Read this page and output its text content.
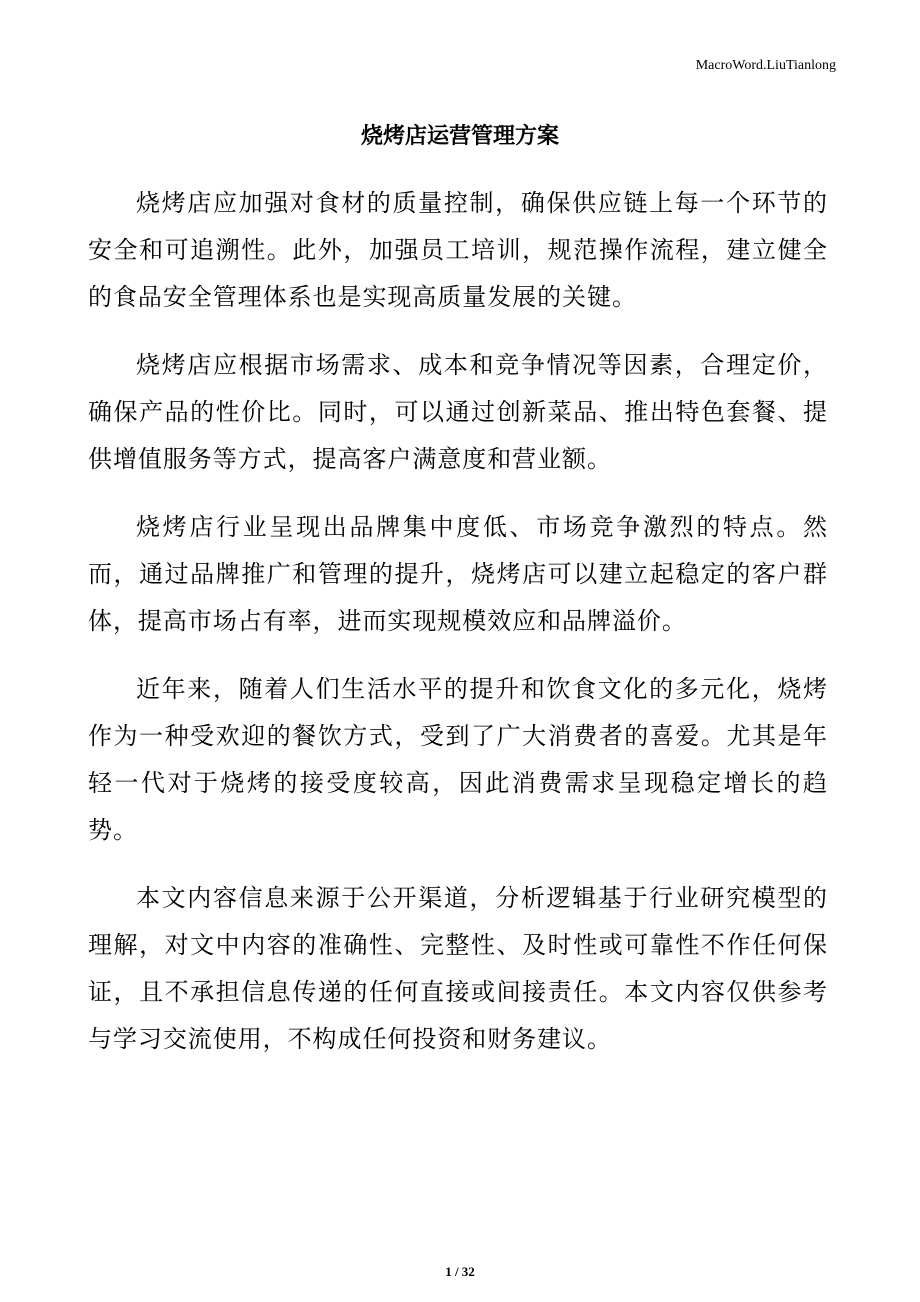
MacroWord.LiuTianlong
烧烤店运营管理方案

烧烤店应加强对食材的质量控制，确保供应链上每一个环节的安全和可追溯性。此外，加强员工培训，规范操作流程，建立健全的食品安全管理体系也是实现高质量发展的关键。

烧烤店应根据市场需求、成本和竞争情况等因素，合理定价，确保产品的性价比。同时，可以通过创新菜品、推出特色套餐、提供增值服务等方式，提高客户满意度和营业额。

烧烤店行业呈现出品牌集中度低、市场竞争激烈的特点。然而，通过品牌推广和管理的提升，烧烤店可以建立起稳定的客户群体，提高市场占有率，进而实现规模效应和品牌溢价。

近年来，随着人们生活水平的提升和饮食文化的多元化，烧烤作为一种受欢迎的餐饮方式，受到了广大消费者的喜爱。尤其是年轻一代对于烧烤的接受度较高，因此消费需求呈现稳定增长的趋势。

本文内容信息来源于公开渠道，分析逻辑基于行业研究模型的理解，对文中内容的准确性、完整性、及时性或可靠性不作任何保证，且不承担信息传递的任何直接或间接责任。本文内容仅供参考与学习交流使用，不构成任何投资和财务建议。

1 / 32
